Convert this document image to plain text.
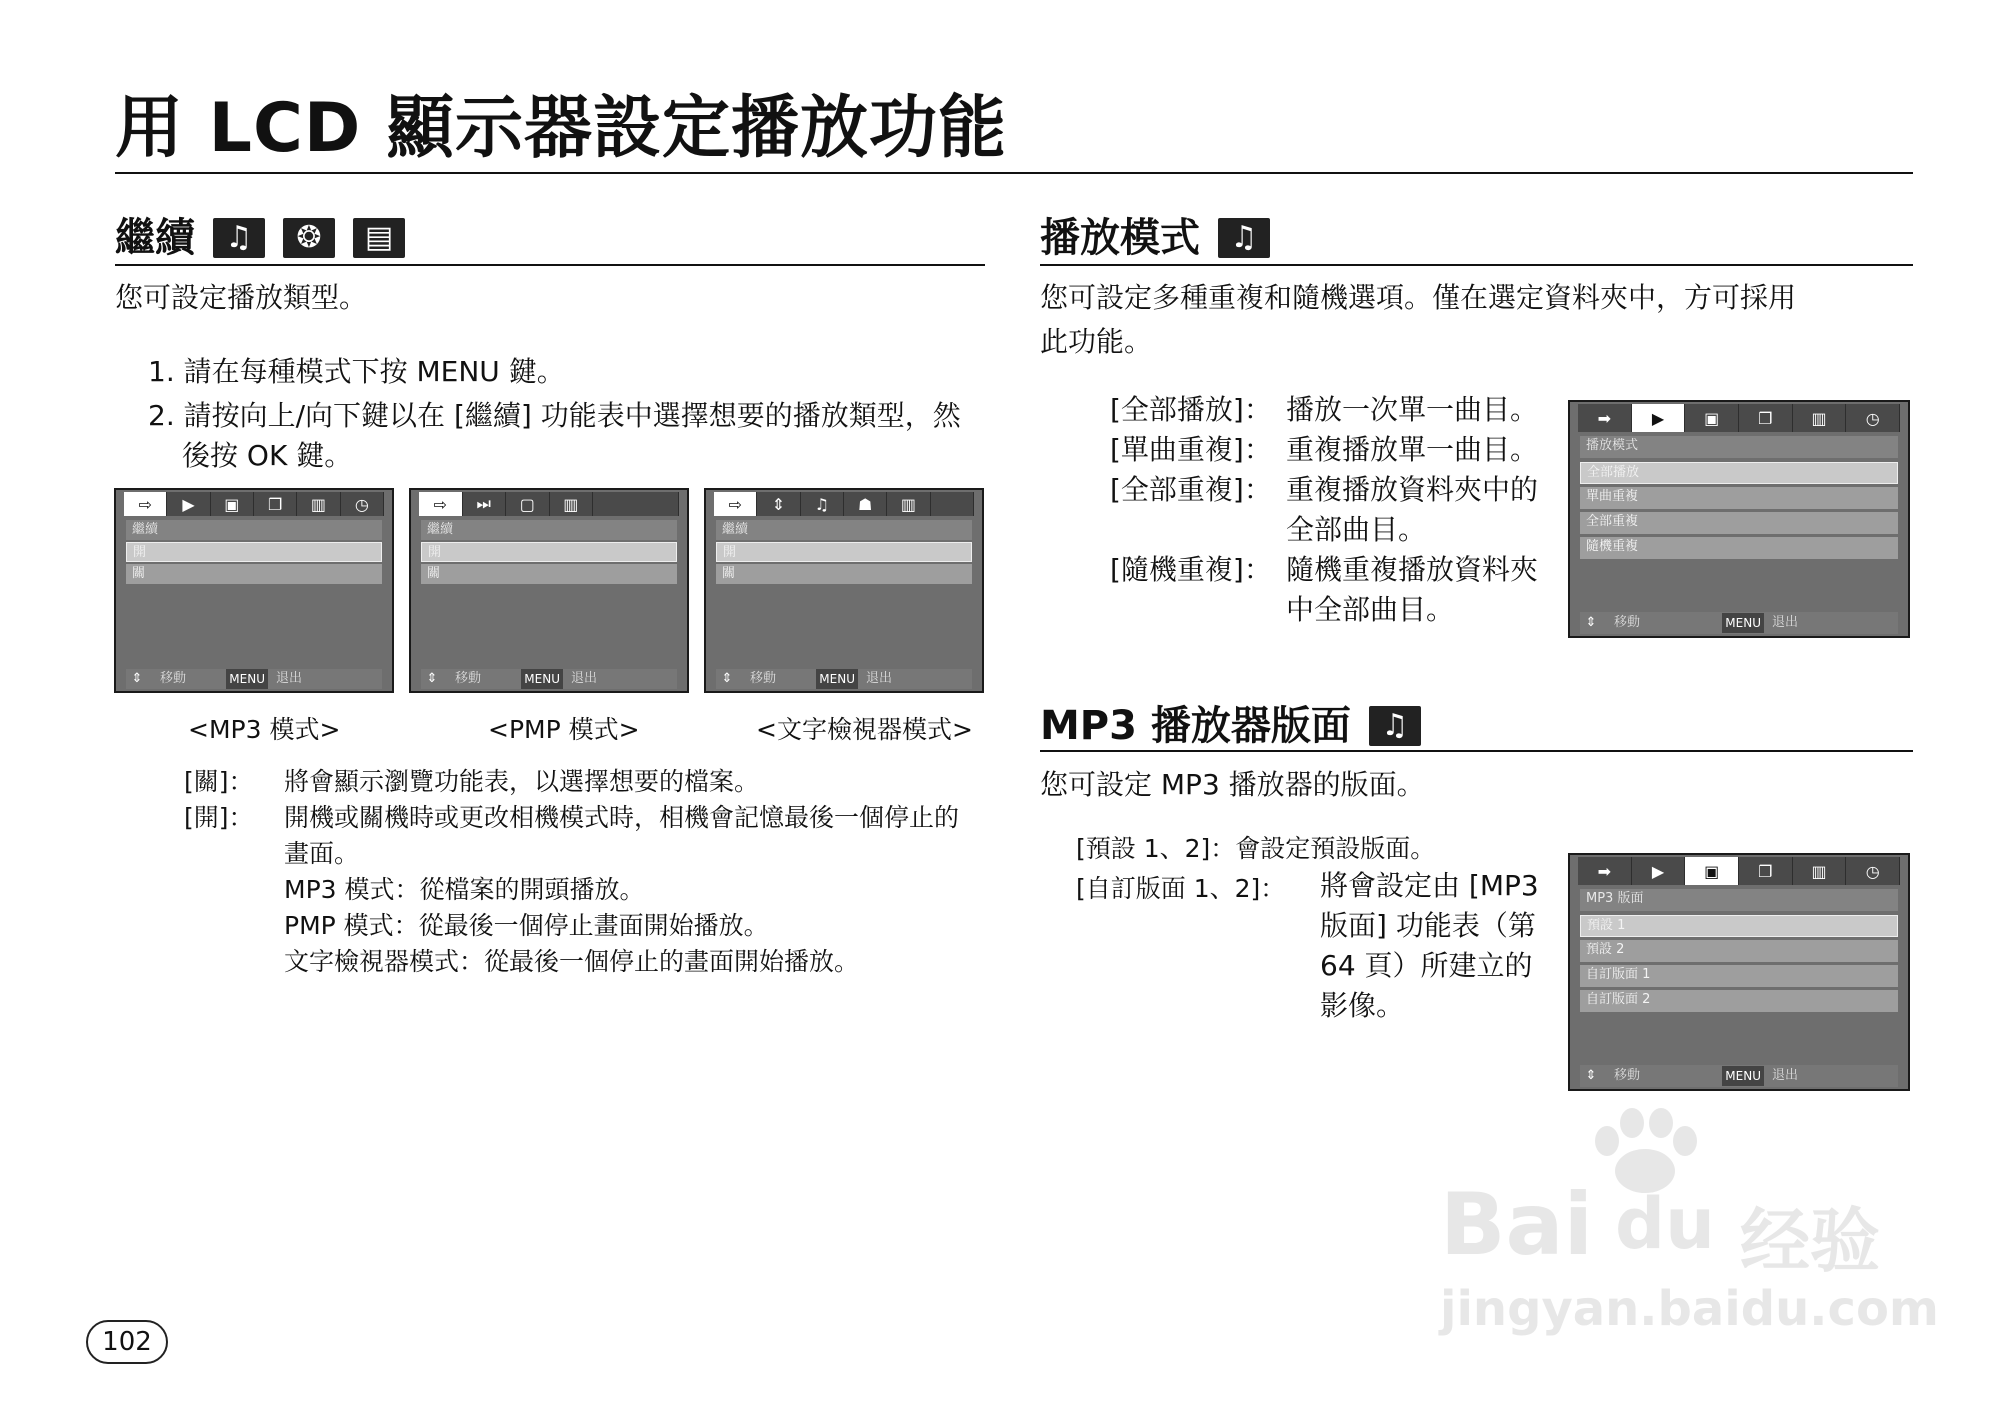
用 LCD 顯示器設定播放功能
繼續	♫	❂	▤
您可設定播放類型。
1. 請在每種模式下按 MENU 鍵。
2. 請按向上/向下鍵以在 [繼續] 功能表中選擇想要的播放類型，然
後按 OK 鍵。
⇨	▶	▣	❐	▥	◷
繼續
開
關
⇕	移動	MENU 退出
⇨	⏭	▢	▥
繼續
開
關
⇕	移動	MENU 退出
⇨	⇕	♫	☗	▥
繼續
開
關
⇕	移動	MENU 退出
<MP3 模式>	<PMP 模式>	<文字檢視器模式>
[關]： 將會顯示瀏覽功能表，以選擇想要的檔案。
[開]： 開機或關機時或更改相機模式時，相機會記憶最後一個停止的
畫面。
MP3 模式：從檔案的開頭播放。
PMP 模式：從最後一個停止畫面開始播放。
文字檢視器模式：從最後一個停止的畫面開始播放。
播放模式	♫
您可設定多種重複和隨機選項。僅在選定資料夾中，方可採用
此功能。
[全部播放]： 播放一次單一曲目。
[單曲重複]： 重複播放單一曲目。
[全部重複]： 重複播放資料夾中的
全部曲目。
[隨機重複]： 隨機重複播放資料夾
中全部曲目。
➡	▶	▣	❐	▥	◷
播放模式
全部播放
單曲重複
全部重複
隨機重複
⇕	移動	MENU 退出
MP3 播放器版面	♫
您可設定 MP3 播放器的版面。
[預設 1、2]：會設定預設版面。
[自訂版面 1、2]： 將會設定由 [MP3
版面] 功能表（第
64 頁）所建立的
影像。
➡	▶	▣	❐	▥	◷
MP3 版面
預設 1
預設 2
自訂版面 1
自訂版面 2
⇕	移動	MENU 退出
102
Bai du 经验
jingyan.baidu.com
